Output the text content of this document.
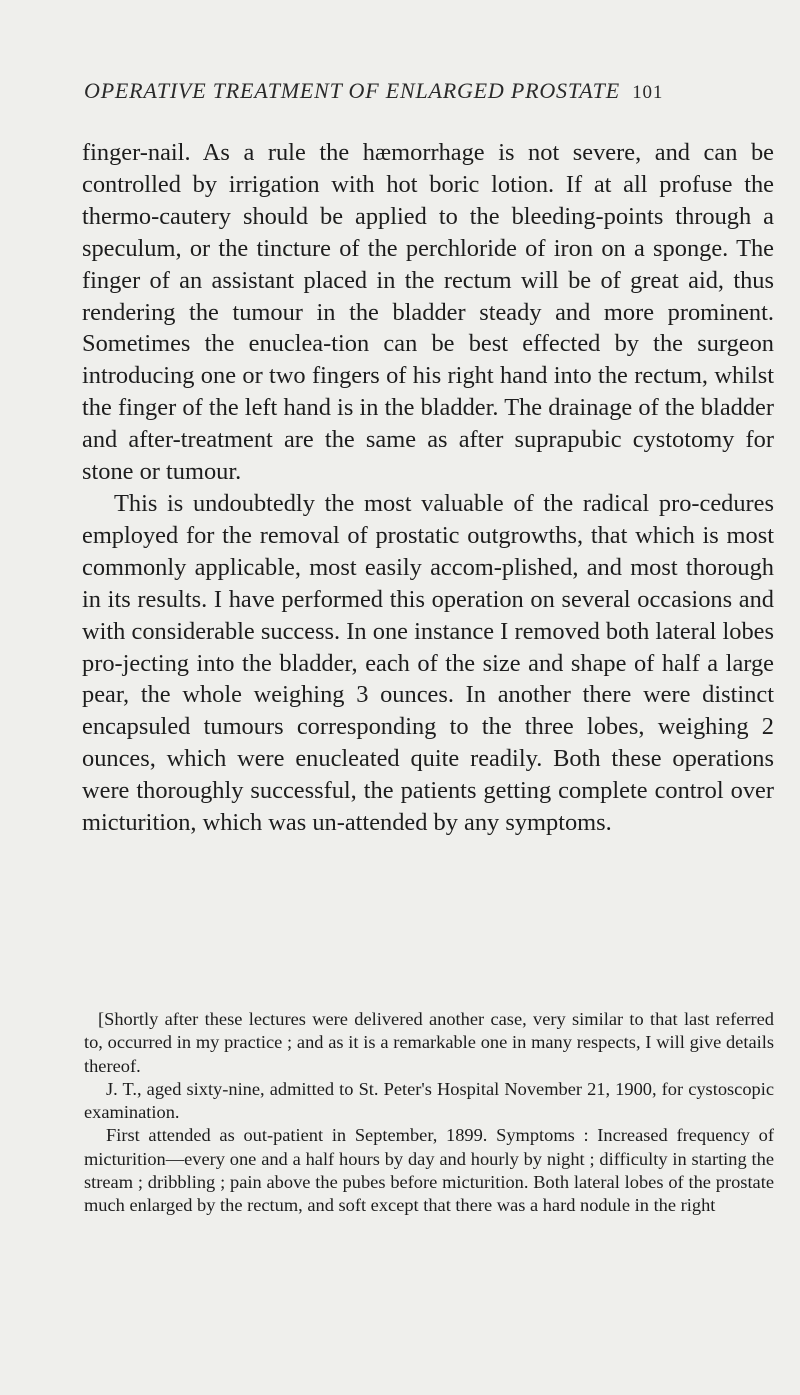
OPERATIVE TREATMENT OF ENLARGED PROSTATE 101

finger-nail. As a rule the hæmorrhage is not severe, and can be controlled by irrigation with hot boric lotion. If at all profuse the thermo-cautery should be applied to the bleeding-points through a speculum, or the tincture of the perchloride of iron on a sponge. The finger of an assistant placed in the rectum will be of great aid, thus rendering the tumour in the bladder steady and more prominent. Sometimes the enuclea-tion can be best effected by the surgeon introducing one or two fingers of his right hand into the rectum, whilst the finger of the left hand is in the bladder. The drainage of the bladder and after-treatment are the same as after suprapubic cystotomy for stone or tumour.

This is undoubtedly the most valuable of the radical pro-cedures employed for the removal of prostatic outgrowths, that which is most commonly applicable, most easily accom-plished, and most thorough in its results. I have performed this operation on several occasions and with considerable success. In one instance I removed both lateral lobes pro-jecting into the bladder, each of the size and shape of half a large pear, the whole weighing 3 ounces. In another there were distinct encapsuled tumours corresponding to the three lobes, weighing 2 ounces, which were enucleated quite readily. Both these operations were thoroughly successful, the patients getting complete control over micturition, which was un-attended by any symptoms.

[Shortly after these lectures were delivered another case, very similar to that last referred to, occurred in my practice ; and as it is a remarkable one in many respects, I will give details thereof.

J. T., aged sixty-nine, admitted to St. Peter's Hospital November 21, 1900, for cystoscopic examination.

First attended as out-patient in September, 1899. Symptoms : Increased frequency of micturition—every one and a half hours by day and hourly by night ; difficulty in starting the stream ; dribbling ; pain above the pubes before micturition. Both lateral lobes of the prostate much enlarged by the rectum, and soft except that there was a hard nodule in the right
